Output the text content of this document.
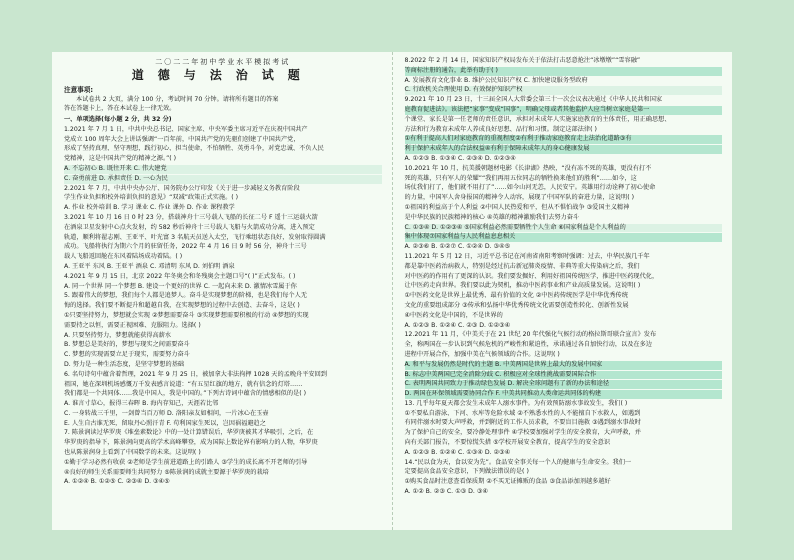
二〇二二年初中学业水平模拟考试
道德与法治试题
注意事项:
本试卷共 2 大页，满分 100 分，考试时间 70 分钟。请将所有题目的答案
答在答题卡上，答在本试卷上一律无效。
一、单项选择(每小题 2 分，共 32 分)
1.2021 年 7 月 1 日，中共中央总书记、国家主席、中央军委主席习近平在庆祝中国共产
党成立 100 周年大会上讲话强调“一百年前，中国共产党的先驱们创建了中国共产党，
形成了坚持真理、坚守理想，践行初心、担当使命，不怕牺牲、英勇斗争，对党忠诚、不负人民
党精神，这是中国共产党的精神之源。”( )
A. 不忘初心 B. 既往开来 C. 伟大建党
C. 奋勇前进 D. 承担责任 D. 一心为民
2.2021 年 7 月，中共中央办公厅、国务院办公厅印发《关于进一步减轻义务教育阶段
学生作业负担和校外培训负担的意见》“双减”政策正式实施。( )
A. 作业 校外培训 B. 学习 课业 C. 作业 课外 D. 作业 课程教学
3.2021 年 10 月 16 日 0 时 23 分，搭载神舟十三号载人飞船的长征二号 F 遥十三运载火箭
在酒泉卫星发射中心点火发射，约 582 秒后神舟十三号载人飞船与火箭成功分离，进入预定
轨道，顺利将翟志刚、王亚平、叶光富 3 名航天员送入太空，飞行乘组状态良好，发射取得圆满
成功。飞船将执行为期六个月的驻留任务，2022 年 4 月 16 日 9 时 56 分，神舟十三号
载人飞船返回舱在东风着陆场成功着陆。( )
A. 王亚平 东风 B. 王亚平 酒泉 C. 邓清明 东风 D. 刘伯明 酒泉
4.2021 年 9 月 15 日，北京 2022 年冬奥会和冬残奥会主题口号“( )”正式发布。( )
A. 同一个世界 同一个梦想 B. 建设一个更好的世界 C. 一起向未来 D. 激情冰雪属于你
5. 跟着伟大的梦想，我们每个人都是追梦人。奋斗是实现梦想的阶梯，也是我们每个人无
悔的选择。我们要不断提升和超越自我，在实现梦想的过程中去创造、去奋斗，这是( )
①只要坚持努力，梦想就会实现 ②梦想需要奋斗 ③实现梦想需要积极的行动 ④梦想的实现
需要持之以恒，需要正视困难、克服阻力。选择( )
A. 只要坚持努力，梦想就能获得高薪水
B. 梦想总是美好的，梦想与现实之间需要奋斗
C. 梦想的实现需要立足于现实，需要努力奋斗
D. 努力是一种生活态度，是坚守梦想的基础
6. 名句诗句中蕴含着哲理，2021 年 9 月 25 日，被加拿大非法拘押 1028 天的孟晚舟平安回到
祖国，她在深圳机场感慨万千发表感言说道：“有五星红旗的地方，就有信念的灯塔……
我们都是一个共同体……我是中国人，我是中国的。”下列古诗词中蕴含的情感相似的是( )
A. 谁言寸草心，报得三春晖 B. 海内存知己，天涯若比邻
C. 一身转战三千里，一剑曾当百万师 D. 洛阳亲友如相问，一片冰心在玉壶
E. 人生自古谁无死，留取丹心照汗青 F. 苟利国家生死以，岂因祸福避趋之
7. 陈景润读过华罗庚《堆垒素数论》中的一处计算错误后，华罗庚被其才华吸引，之后，在
华罗庚的指导下，陈景润向更高的学术高峰攀登，成为国际上数论界有影响力的人物，华罗庚
也从陈景润身上看到了中国数学的未来。这说明( )
①勤于学习必然有收获 ②老师是学生前进道路上的引路人 ③学生的成长离不开老师的引导
④良好的师生关系需要师生共同努力 ⑤陈景润的成就主要源于华罗庚的栽培
A. ①②④ B. ①②⑤ C. ②③④ D. ③④⑤
8.2022 年 2 月 14 日，国家知识产权局发布关于依法打击恶意抢注“冰墩墩”“雪容融”
等商标注册的通告，此举有助于( )
A. 发展教育文化事业 B. 维护公民知识产权 C. 加快建设服务型政府
C. 行政机关合理使用 D. 有效保护知识产权
9.2021 年 10 月 23 日，十三届全国人大常委会第三十一次会议表决通过《中华人民共和国家
庭教育促进法》。该法把“家事”变成“国事”，明确父母或者其他监护人应当树立家庭是第一
个课堂、家长是第一任老师的责任意识，承担对未成年人实施家庭教育的主体责任，用正确思想、
方法和行为教育未成年人养成良好思想、品行和习惯。制定这部法律( )
①有利于提高人们对家庭教育的重视程度②有利于推动家庭教育走上法治化道路③有
利于保护未成年人的合法权益④有利于保障未成年人的身心健康发展
A. ①②③ B. ①③④ C. ②③④ D. ①②③④
10.2021 年 10 月，抗美援朝题材电影《长津湖》热映，“没有冻不死的英雄，更没有打不
死的英雄，只有军人的荣耀”“我们再用五位同志的牺牲换来他们的胜利”……如今，这
场仗我们打了，他们就不用打了”……如今山河无恙，人民安宁。英雄用行动诠释了初心使命
的力量，中国军人舍身报国的精神令人动容，展现了中国军队的奋进力量，这说明( )
①祖国的利益高于个人利益 ②中国人民热爱和平，但从不惧怕战争 ③爱国主义精神
是中华民族的民族精神的核心 ④英雄的精神激励我们去努力奋斗
C. ①③④ D. ①②③④ ⑤国家利益必然需要牺牲个人生命 ⑥国家利益是个人利益的
集中体现⑦国家利益与人民利益息息相关
A. ②③⑥ B. ①②⑦ C. ①②④ D. ③④⑤
11.2021 年 5 月 12 日，习近平总书记在河南省南阳考察时强调：过去，中华民族几千年
都是靠中医药治病救人，特别是经过抗击新冠肺炎疫情、非典等重大传染病之后，我们
对中医药的作用有了更深的认识。我们要发掘好、利用好祖国传统医学，推进中医药现代化，
让中医药走向世界。我们要以此为契机，推动中医药事业和产业高质量发展。这说明( )
①中医药文化是世界上最优秀、最有价值的文化 ②中医药传统医学是中华优秀传统
文化的重要组成部分 ③传承和弘扬中华优秀传统文化需要创造性转化、创新性发展
④中医药文化是中国的，不是世界的
A. ①②③ B. ①②④ C. ②③ D. ①②③④
12.2021 年 11 月，《中美关于在 21 世纪 20 年代强化气候行动的格拉斯哥联合宣言》发布
全，称两国在一步认识到气候危机的严峻性和紧迫性，承诺通过各自加快行动，以及在多边
进程中开展合作，加强中美在气候领域的合作。这说明( )
A. 和平与发展仍然是时代的主题 B. 中美两国是世界上最大的发展中国家
B. 标志中美两国已完全消除分歧 C. 积极应对全球性挑战需要国际合作
C. 表明两国共同致力于推动绿色发展 D. 解决全球问题有了新的办法和途径
D. 两国在环保领域需要协同合作 F. 中美共同推动人类命运共同体的构建
13. 几乎每年夏天都会发生未成年人溺水事件。为有效预防溺水事故发生，我们( )
①不要私自游泳、下河、水库等危险水域 ②不熟悉水性的人不能擅自下水救人，如遇到
有同伴溺水时要大声呼救，并到附近的工作人员求救，不要盲目施救 ③遇到溺水事故时
为了保护自己的安全，要冷静处理事件 ④学校要加强对学生的安全教育，大声呼救，并
向有关部门报告，不要惊慌失措 ⑤学校开展安全教育，提高学生的安全意识
A. ①②③ B. ①②④ C. ①③④ D. ②③④
14.“民以食为天，食以安为先”。食品安全事关每一个人的健康与生命安全。我们一
定要提高食品安全意识，下列做法错误的是( )
①购买食品时注意查看保质期 ②不买无证摊贩的食品 ③食品添加剂越多越好
A. ①② B. ②③ C. ①③ D. ③④
